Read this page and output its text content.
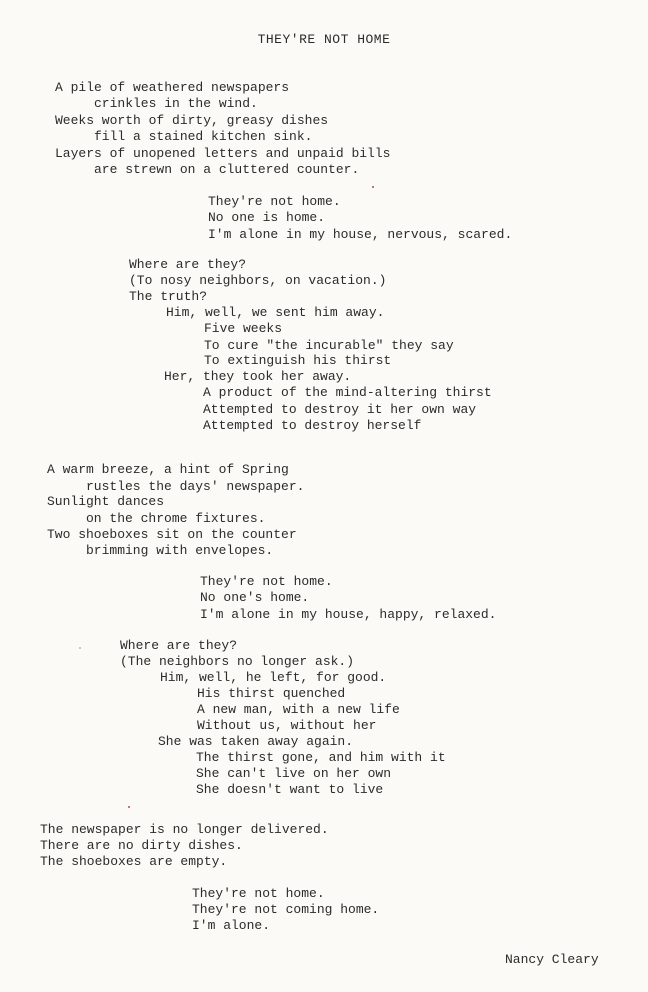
THEY'RE NOT HOME
A pile of weathered newspapers
crinkles in the wind.
Weeks worth of dirty, greasy dishes
fill a stained kitchen sink.
Layers of unopened letters and unpaid bills
are strewn on a cluttered counter.
They're not home.
No one is home.
I'm alone in my house, nervous, scared.
Where are they?
(To nosy neighbors, on vacation.)
The truth?
Him, well, we sent him away.
Five weeks
To cure "the incurable" they say
To extinguish his thirst
Her, they took her away.
A product of the mind-altering thirst
Attempted to destroy it her own way
Attempted to destroy herself
A warm breeze, a hint of Spring
rustles the days' newspaper.
Sunlight dances
on the chrome fixtures.
Two shoeboxes sit on the counter
brimming with envelopes.
They're not home.
No one's home.
I'm alone in my house, happy, relaxed.
Where are they?
(The neighbors no longer ask.)
Him, well, he left, for good.
His thirst quenched
A new man, with a new life
Without us, without her
She was taken away again.
The thirst gone, and him with it
She can't live on her own
She doesn't want to live
The newspaper is no longer delivered.
There are no dirty dishes.
The shoeboxes are empty.
They're not home.
They're not coming home.
I'm alone.
Nancy Cleary
